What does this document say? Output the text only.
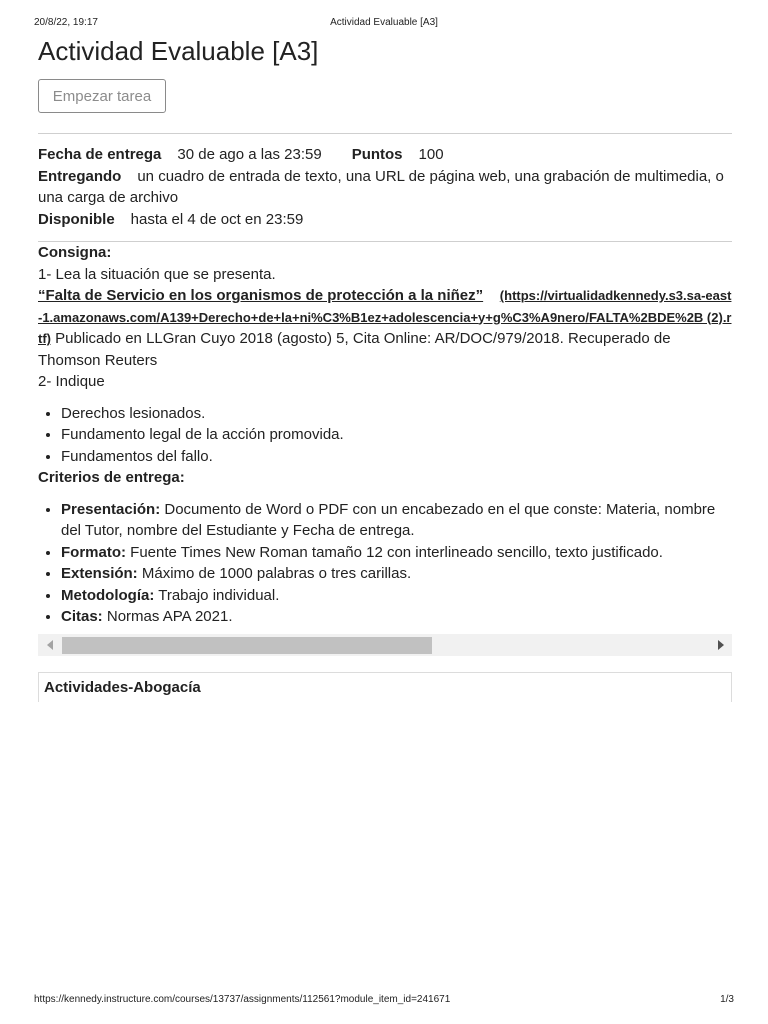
20/8/22, 19:17	Actividad Evaluable [A3]
Actividad Evaluable [A3]
Empezar tarea
Fecha de entrega 30 de ago a las 23:59 Puntos 100
Entregando un cuadro de entrada de texto, una URL de página web, una grabación de multimedia, o una carga de archivo
Disponible hasta el 4 de oct en 23:59

Consigna:

1- Lea la situación que se presenta.

“Falta de Servicio en los organismos de protección a la niñez” (https://virtualidadkennedy.s3.sa-east-1.amazonaws.com/A139+Derecho+de+la+ni%C3%B1ez+adolescencia+y+g%C3%A9nero/FALTA%2BDE%2B (2).rtf) Publicado en LLGran Cuyo 2018 (agosto) 5, Cita Online: AR/DOC/979/2018. Recuperado de Thomson Reuters

2- Indique

• Derechos lesionados.
• Fundamento legal de la acción promovida.
• Fundamentos del fallo.

Criterios de entrega:

• Presentación: Documento de Word o PDF con un encabezado en el que conste: Materia, nombre del Tutor, nombre del Estudiante y Fecha de entrega.
• Formato: Fuente Times New Roman tamaño 12 con interlineado sencillo, texto justificado.
• Extensión: Máximo de 1000 palabras o tres carillas.
• Metodología: Trabajo individual.
• Citas: Normas APA 2021.
Actividades-Abogacía
https://kennedy.instructure.com/courses/13737/assignments/112561?module_item_id=241671	1/3
